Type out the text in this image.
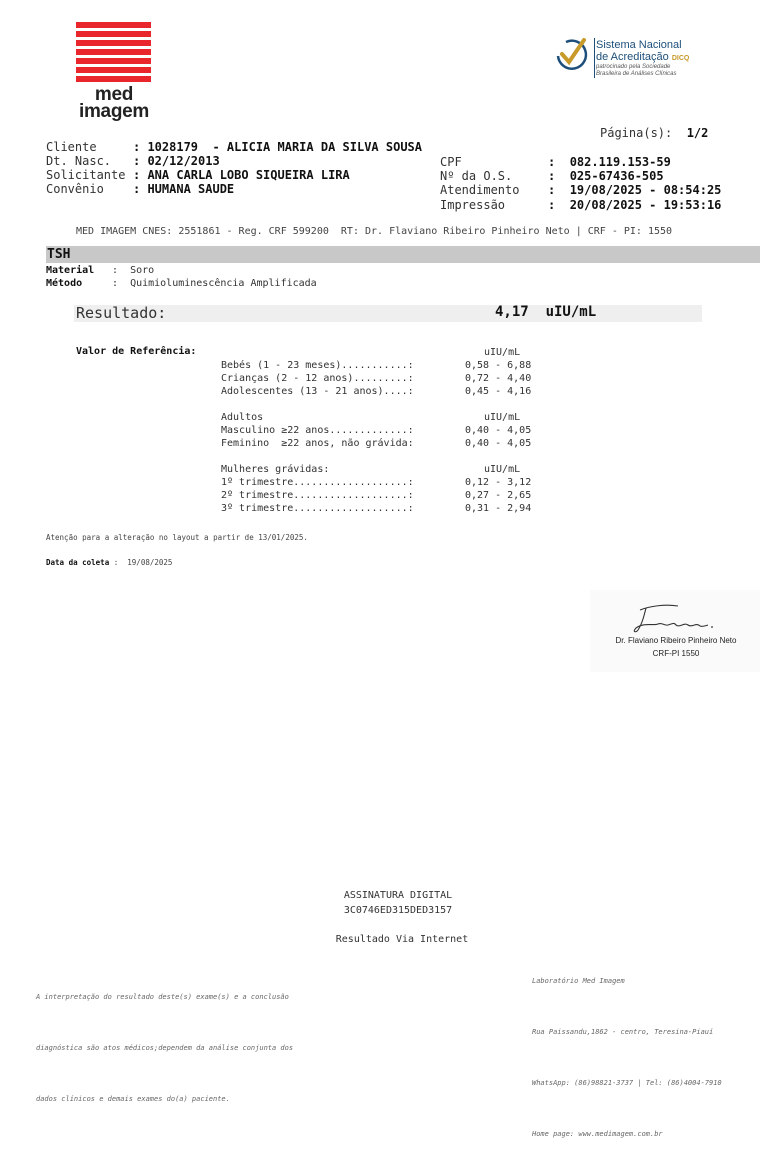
med
imagem
Sistema Nacional
de Acreditação DICQ
patrocinado pela Sociedade
Brasileira de Análises Clínicas
Página(s): 1/2
Cliente	: 1028179  - ALICIA MARIA DA SILVA SOUSA
Dt. Nasc. : 02/12/2013
Solicitante : ANA CARLA LOBO SIQUEIRA LIRA
Convênio : HUMANA SAUDE
CPF	:  082.119.153-59
Nº da O.S.	:  025-67436-505
Atendimento :  19/08/2025 - 08:54:25
Impressão	:  20/08/2025 - 19:53:16
MED IMAGEM CNES: 2551861 - Reg. CRF 599200  RT: Dr. Flaviano Ribeiro Pinheiro Neto | CRF - PI: 1550
TSH
Material :  Soro
Método	:  Quimioluminescência Amplificada
Resultado:	4,17 uIU/mL
Valor de Referência:	uIU/mL
Bebés (1 - 23 meses)...........:	0,58 - 6,88
Crianças (2 - 12 anos).........:	0,72 - 4,40
Adolescentes (13 - 21 anos)....:	0,45 - 4,16
Adultos	uIU/mL
Masculino ≥22 anos.............:	0,40 - 4,05
Feminino  ≥22 anos, não grávida:	0,40 - 4,05
Mulheres grávidas:	uIU/mL
1º trimestre...................:	0,12 - 3,12
2º trimestre...................:	0,27 - 2,65
3º trimestre...................:	0,31 - 2,94
Atenção para a alteração no layout a partir de 13/01/2025.
Data da coleta :  19/08/2025
Dr. Flaviano Ribeiro Pinheiro Neto
CRF-PI 1550
ASSINATURA DIGITAL
3C0746ED315DED3157
Resultado Via Internet

A interpretação do resultado deste(s) exame(s) e a conclusão

diagnóstica são atos médicos;dependem da análise conjunta dos

dados clínicos e demais exames do(a) paciente.

Laboratório Med Imagem

Rua Paissandu,1862 - centro, Teresina-Piauí

WhatsApp: (86)98821-3737 | Tel: (86)4004-7910

Home page: www.medimagem.com.br
